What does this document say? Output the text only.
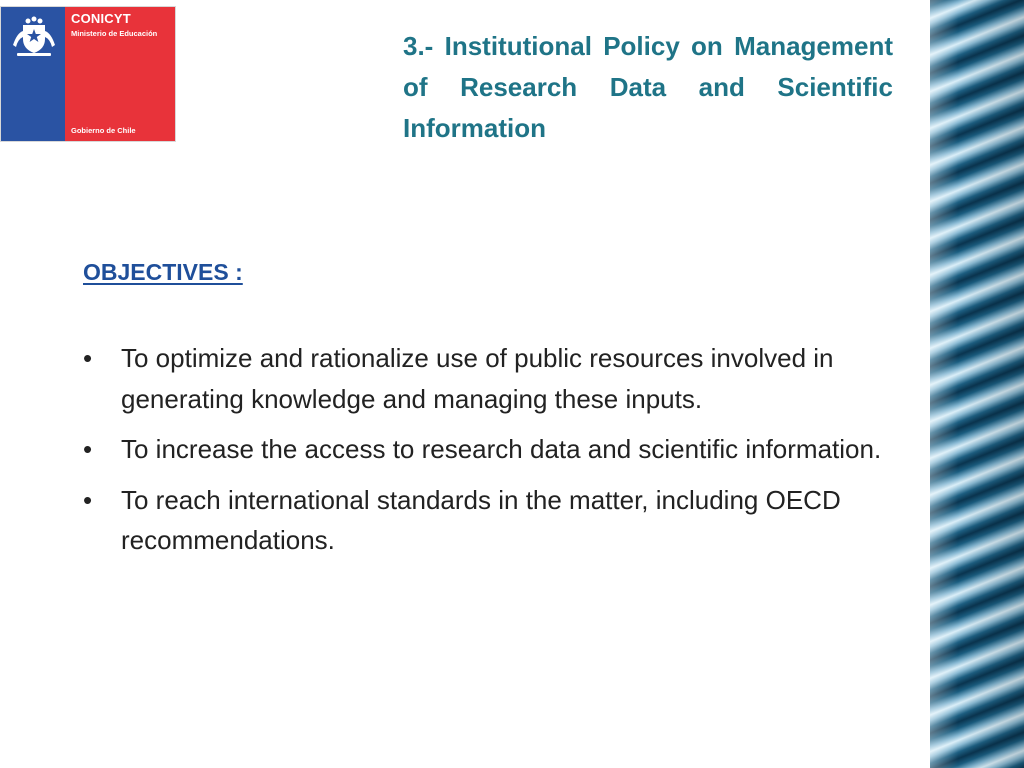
CONICYT
Ministerio de Educación
Gobierno de Chile
3.- Institutional Policy on Management of Research Data and Scientific Information
OBJECTIVES :
•	To optimize and rationalize use of public resources involved in generating knowledge and managing these inputs.
•	To increase the access to research data and scientific information.
•	To reach international standards in the matter, including OECD recommendations.
